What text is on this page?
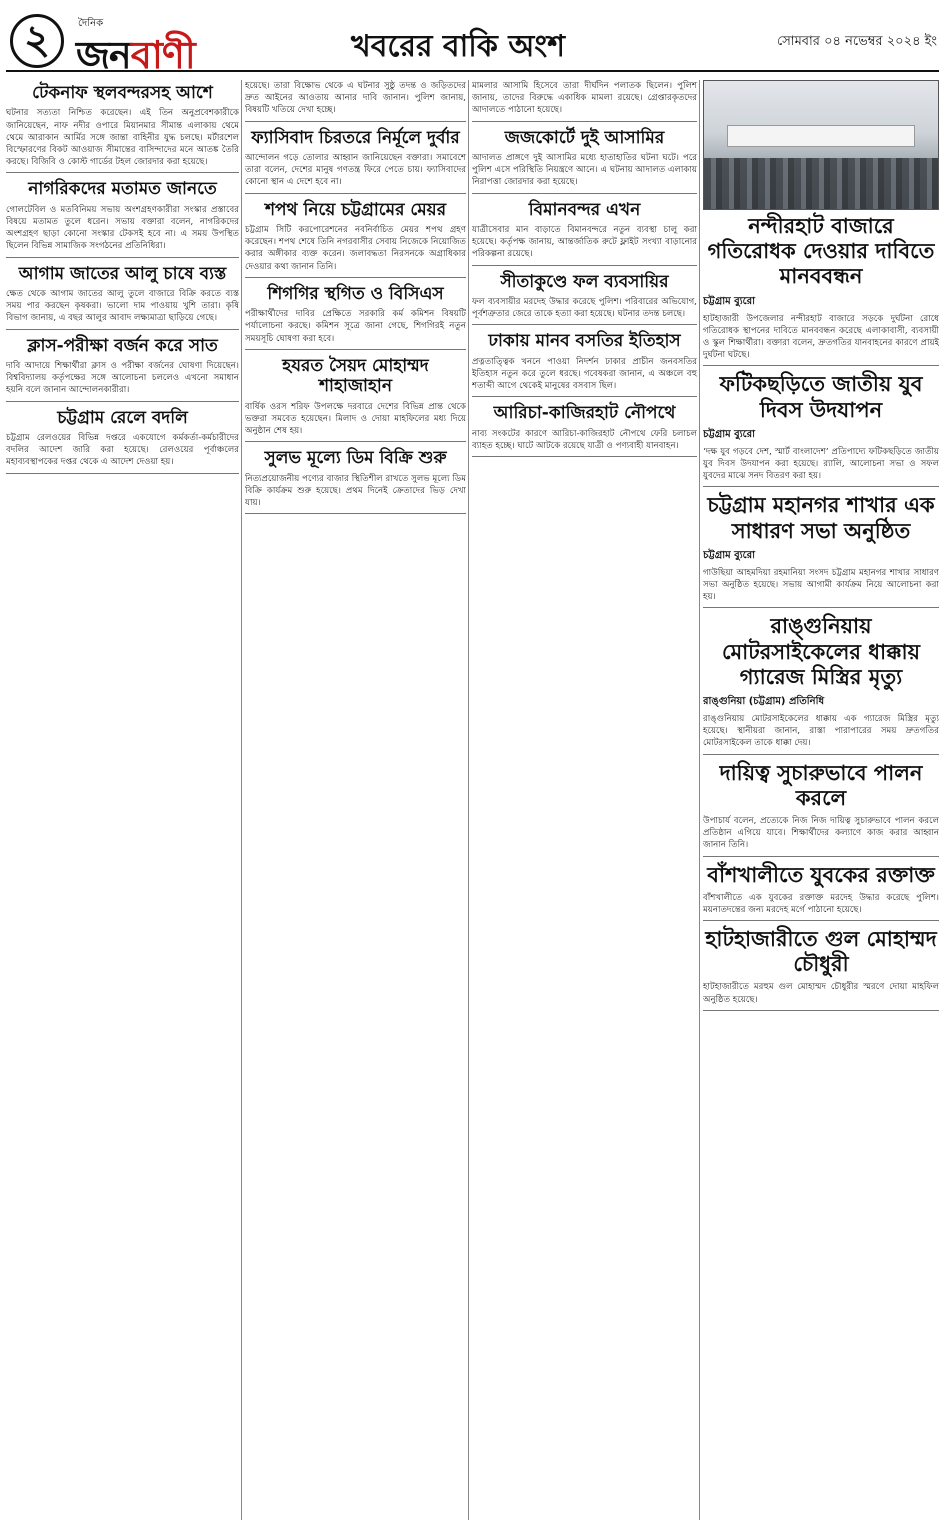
২	দৈনিক
জনবাণী	খবরের বাকি অংশ	সোমবার ০৪ নভেম্বর ২০২৪ ইং
টেকনাফ স্থলবন্দরসহ আশে
ঘটনার সত্যতা নিশ্চিত করেছেন। এই তিন অনুপ্রবেশকারীকে জানিয়েছেন, নাফ নদীর ওপারে মিয়ানমার সীমান্ত এলাকায় থেমে থেমে আরাকান আর্মির সঙ্গে জান্তা বাহিনীর যুদ্ধ চলছে। মর্টারশেল বিস্ফোরণের বিকট আওয়াজ সীমান্তের বাসিন্দাদের মনে আতঙ্ক তৈরি করছে। বিজিবি ও কোস্ট গার্ডের টহল জোরদার করা হয়েছে।
নাগরিকদের মতামত জানতে
গোলটেবিল ও মতবিনিময় সভায় অংশগ্রহণকারীরা সংস্কার প্রস্তাবের বিষয়ে মতামত তুলে ধরেন। সভায় বক্তারা বলেন, নাগরিকদের অংশগ্রহণ ছাড়া কোনো সংস্কার টেকসই হবে না। এ সময় উপস্থিত ছিলেন বিভিন্ন সামাজিক সংগঠনের প্রতিনিধিরা।
আগাম জাতের আলু চাষে ব্যস্ত
ক্ষেত থেকে আগাম জাতের আলু তুলে বাজারে বিক্রি করতে ব্যস্ত সময় পার করছেন কৃষকরা। ভালো দাম পাওয়ায় খুশি তারা। কৃষি বিভাগ জানায়, এ বছর আলুর আবাদ লক্ষ্যমাত্রা ছাড়িয়ে গেছে।
ক্লাস-পরীক্ষা বর্জন করে সাত
দাবি আদায়ে শিক্ষার্থীরা ক্লাস ও পরীক্ষা বর্জনের ঘোষণা দিয়েছেন। বিশ্ববিদ্যালয় কর্তৃপক্ষের সঙ্গে আলোচনা চললেও এখনো সমাধান হয়নি বলে জানান আন্দোলনকারীরা।
চট্টগ্রাম রেলে বদলি
চট্টগ্রাম রেলওয়ের বিভিন্ন দপ্তরে একযোগে কর্মকর্তা-কর্মচারীদের বদলির আদেশ জারি করা হয়েছে। রেলওয়ের পূর্বাঞ্চলের মহাব্যবস্থাপকের দপ্তর থেকে এ আদেশ দেওয়া হয়।
হয়েছে। তারা বিক্ষোভ থেকে এ ঘটনার সুষ্ঠু তদন্ত ও জড়িতদের দ্রুত আইনের আওতায় আনার দাবি জানান। পুলিশ জানায়, বিষয়টি খতিয়ে দেখা হচ্ছে।
ফ্যাসিবাদ চিরতরে নির্মূলে দুর্বার
আন্দোলন গড়ে তোলার আহ্বান জানিয়েছেন বক্তারা। সমাবেশে তারা বলেন, দেশের মানুষ গণতন্ত্র ফিরে পেতে চায়। ফ্যাসিবাদের কোনো স্থান এ দেশে হবে না।
শপথ নিয়ে চট্টগ্রামের মেয়র
চট্টগ্রাম সিটি করপোরেশনের নবনির্বাচিত মেয়র শপথ গ্রহণ করেছেন। শপথ শেষে তিনি নগরবাসীর সেবায় নিজেকে নিয়োজিত করার অঙ্গীকার ব্যক্ত করেন। জলাবদ্ধতা নিরসনকে অগ্রাধিকার দেওয়ার কথা জানান তিনি।
শিগগির স্থগিত ও বিসিএস
পরীক্ষার্থীদের দাবির প্রেক্ষিতে সরকারি কর্ম কমিশন বিষয়টি পর্যালোচনা করছে। কমিশন সূত্রে জানা গেছে, শিগগিরই নতুন সময়সূচি ঘোষণা করা হবে।
হযরত সৈয়দ মোহাম্মদ শাহাজাহান
বার্ষিক ওরস শরিফ উপলক্ষে দরবারে দেশের বিভিন্ন প্রান্ত থেকে ভক্তরা সমবেত হয়েছেন। মিলাদ ও দোয়া মাহফিলের মধ্য দিয়ে অনুষ্ঠান শেষ হয়।
সুলভ মূল্যে ডিম বিক্রি শুরু
নিত্যপ্রয়োজনীয় পণ্যের বাজার স্থিতিশীল রাখতে সুলভ মূল্যে ডিম বিক্রি কার্যক্রম শুরু হয়েছে। প্রথম দিনেই ক্রেতাদের ভিড় দেখা যায়।
মামলার আসামি হিসেবে তারা দীর্ঘদিন পলাতক ছিলেন। পুলিশ জানায়, তাদের বিরুদ্ধে একাধিক মামলা রয়েছে। গ্রেপ্তারকৃতদের আদালতে পাঠানো হয়েছে।
জজকোর্টে দুই আসামির
আদালত প্রাঙ্গণে দুই আসামির মধ্যে হাতাহাতির ঘটনা ঘটে। পরে পুলিশ এসে পরিস্থিতি নিয়ন্ত্রণে আনে। এ ঘটনায় আদালত এলাকায় নিরাপত্তা জোরদার করা হয়েছে।
বিমানবন্দর এখন
যাত্রীসেবার মান বাড়াতে বিমানবন্দরে নতুন ব্যবস্থা চালু করা হয়েছে। কর্তৃপক্ষ জানায়, আন্তর্জাতিক রুটে ফ্লাইট সংখ্যা বাড়ানোর পরিকল্পনা রয়েছে।
সীতাকুণ্ডে ফল ব্যবসায়ির
ফল ব্যবসায়ীর মরদেহ উদ্ধার করেছে পুলিশ। পরিবারের অভিযোগ, পূর্বশত্রুতার জেরে তাকে হত্যা করা হয়েছে। ঘটনার তদন্ত চলছে।
ঢাকায় মানব বসতির ইতিহাস
প্রত্নতাত্ত্বিক খননে পাওয়া নিদর্শন ঢাকার প্রাচীন জনবসতির ইতিহাস নতুন করে তুলে ধরছে। গবেষকরা জানান, এ অঞ্চলে বহু শতাব্দী আগে থেকেই মানুষের বসবাস ছিল।
আরিচা-কাজিরহাট নৌপথে
নাব্য সংকটের কারণে আরিচা-কাজিরহাট নৌপথে ফেরি চলাচল ব্যাহত হচ্ছে। ঘাটে আটকে রয়েছে যাত্রী ও পণ্যবাহী যানবাহন।
নন্দীরহাট বাজারে গতিরোধক দেওয়ার দাবিতে মানববন্ধন
চট্টগ্রাম ব্যুরো
হাটহাজারী উপজেলার নন্দীরহাট বাজারে সড়কে দুর্ঘটনা রোধে গতিরোধক স্থাপনের দাবিতে মানববন্ধন করেছে এলাকাবাসী, ব্যবসায়ী ও স্কুল শিক্ষার্থীরা। বক্তারা বলেন, দ্রুতগতির যানবাহনের কারণে প্রায়ই দুর্ঘটনা ঘটছে।
ফটিকছড়িতে জাতীয় যুব দিবস উদযাপন
চট্টগ্রাম ব্যুরো
‘দক্ষ যুব গড়বে দেশ, স্মার্ট বাংলাদেশ’ প্রতিপাদ্যে ফটিকছড়িতে জাতীয় যুব দিবস উদযাপন করা হয়েছে। র‍্যালি, আলোচনা সভা ও সফল যুবদের মাঝে সনদ বিতরণ করা হয়।
চট্টগ্রাম মহানগর শাখার এক সাধারণ সভা অনুষ্ঠিত
চট্টগ্রাম ব্যুরো
গাউছিয়া আহমদিয়া রহমানিয়া সংসদ চট্টগ্রাম মহানগর শাখার সাধারণ সভা অনুষ্ঠিত হয়েছে। সভায় আগামী কার্যক্রম নিয়ে আলোচনা করা হয়।
রাঙ্গুনিয়ায় মোটরসাইকেলের ধাক্কায় গ্যারেজ মিস্ত্রির মৃত্যু
রাঙ্গুনিয়া (চট্টগ্রাম) প্রতিনিধি
রাঙ্গুনিয়ায় মোটরসাইকেলের ধাক্কায় এক গ্যারেজ মিস্ত্রির মৃত্যু হয়েছে। স্থানীয়রা জানান, রাস্তা পারাপারের সময় দ্রুতগতির মোটরসাইকেল তাকে ধাক্কা দেয়।
দায়িত্ব সুচারুভাবে পালন করলে
উপাচার্য বলেন, প্রত্যেকে নিজ নিজ দায়িত্ব সুচারুভাবে পালন করলে প্রতিষ্ঠান এগিয়ে যাবে। শিক্ষার্থীদের কল্যাণে কাজ করার আহ্বান জানান তিনি।
বাঁশখালীতে যুবকের রক্তাক্ত
বাঁশখালীতে এক যুবকের রক্তাক্ত মরদেহ উদ্ধার করেছে পুলিশ। ময়নাতদন্তের জন্য মরদেহ মর্গে পাঠানো হয়েছে।
হাটহাজারীতে গুল মোহাম্মদ চৌধুরী
হাটহাজারীতে মরহুম গুল মোহাম্মদ চৌধুরীর স্মরণে দোয়া মাহফিল অনুষ্ঠিত হয়েছে।
